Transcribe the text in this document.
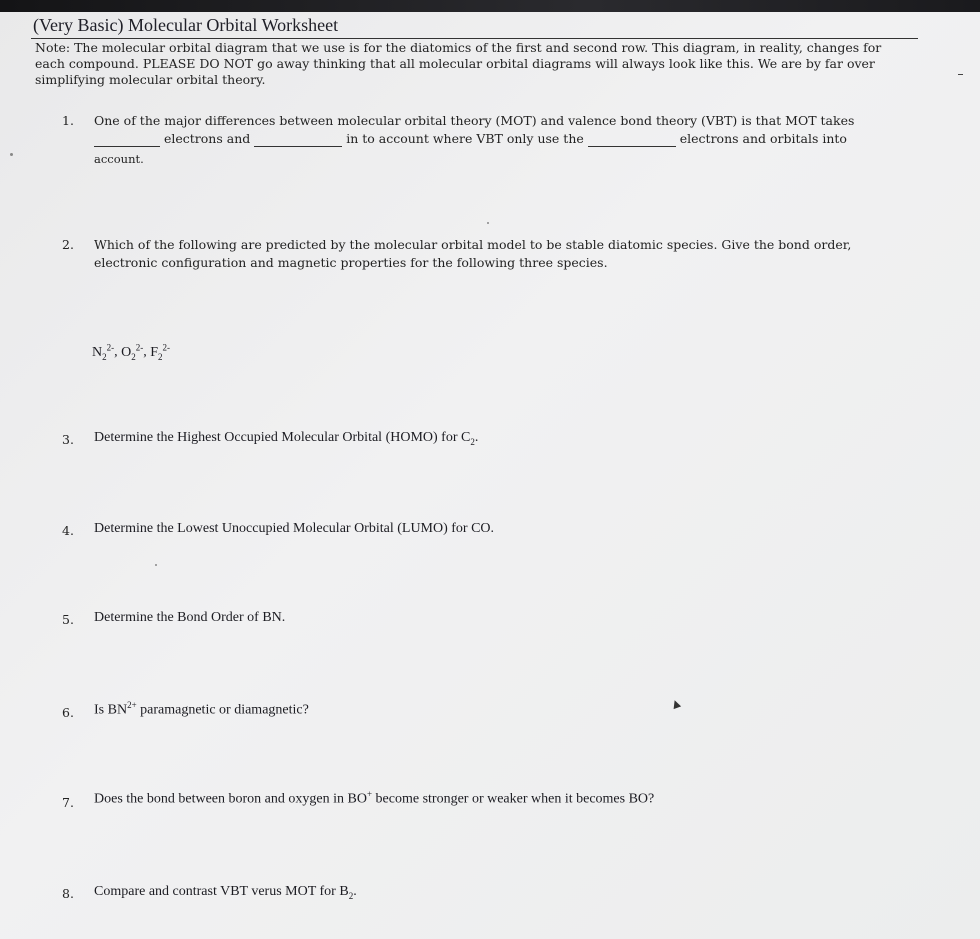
(Very Basic) Molecular Orbital Worksheet
Note: The molecular orbital diagram that we use is for the diatomics of the first and second row. This diagram, in reality, changes for
each compound. PLEASE DO NOT go away thinking that all molecular orbital diagrams will always look like this. We are by far over simplifying molecular orbital theory.
1. One of the major differences between molecular orbital theory (MOT) and valence bond theory (VBT) is that MOT takes
electrons and	in to account where VBT only use the	electrons and orbitals into
account.
2. Which of the following are predicted by the molecular orbital model to be stable diatomic species. Give the bond order,
electronic configuration and magnetic properties for the following three species.
$N_2^{2-}$, $O_2^{2-}$, $F_2^{2-}$
3. Determine the Highest Occupied Molecular Orbital (HOMO) for $C_2$.
4. Determine the Lowest Unoccupied Molecular Orbital (LUMO) for CO.
5. Determine the Bond Order of BN.
6. Is $BN^{2+}$ paramagnetic or diamagnetic?
7. Does the bond between boron and oxygen in BO+ become stronger or weaker when it becomes BO?
8. Compare and contrast VBT verus MOT for $B_2$.
